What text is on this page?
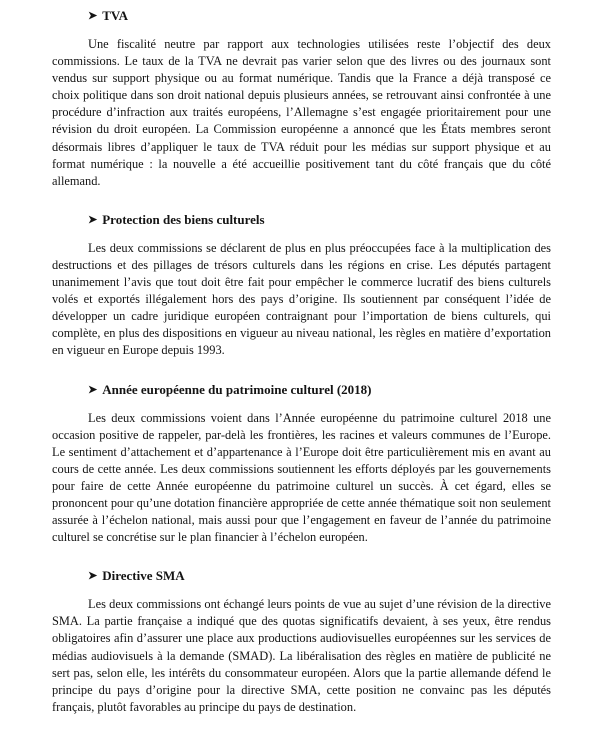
➤ TVA

Une fiscalité neutre par rapport aux technologies utilisées reste l’objectif des deux commissions. Le taux de la TVA ne devrait pas varier selon que des livres ou des journaux sont vendus sur support physique ou au format numérique. Tandis que la France a déjà transposé ce choix politique dans son droit national depuis plusieurs années, se retrouvant ainsi confrontée à une procédure d’infraction aux traités européens, l’Allemagne s’est engagée prioritairement pour une révision du droit européen. La Commission européenne a annoncé que les États membres seront désormais libres d’appliquer le taux de TVA réduit pour les médias sur support physique et au format numérique : la nouvelle a été accueillie positivement tant du côté français que du côté allemand.

➤ Protection des biens culturels

Les deux commissions se déclarent de plus en plus préoccupées face à la multiplication des destructions et des pillages de trésors culturels dans les régions en crise. Les députés partagent unanimement l’avis que tout doit être fait pour empêcher le commerce lucratif des biens culturels volés et exportés illégalement hors des pays d’origine. Ils soutiennent par conséquent l’idée de développer un cadre juridique européen contraignant pour l’importation de biens culturels, qui complète, en plus des dispositions en vigueur au niveau national, les règles en matière d’exportation en vigueur en Europe depuis 1993.

➤ Année européenne du patrimoine culturel (2018)

Les deux commissions voient dans l’Année européenne du patrimoine culturel 2018 une occasion positive de rappeler, par-delà les frontières, les racines et valeurs communes de l’Europe. Le sentiment d’attachement et d’appartenance à l’Europe doit être particulièrement mis en avant au cours de cette année. Les deux commissions soutiennent les efforts déployés par les gouvernements pour faire de cette Année européenne du patrimoine culturel un succès. À cet égard, elles se prononcent pour qu’une dotation financière appropriée de cette année thématique soit non seulement assurée à l’échelon national, mais aussi pour que l’engagement en faveur de l’année du patrimoine culturel se concrétise sur le plan financier à l’échelon européen.

➤ Directive SMA

Les deux commissions ont échangé leurs points de vue au sujet d’une révision de la directive SMA. La partie française a indiqué que des quotas significatifs devaient, à ses yeux, être rendus obligatoires afin d’assurer une place aux productions audiovisuelles européennes sur les services de médias audiovisuels à la demande (SMAD). La libéralisation des règles en matière de publicité ne sert pas, selon elle, les intérêts du consommateur européen. Alors que la partie allemande défend le principe du pays d’origine pour la directive SMA, cette position ne convainc pas les députés français, plutôt favorables au principe du pays de destination.
